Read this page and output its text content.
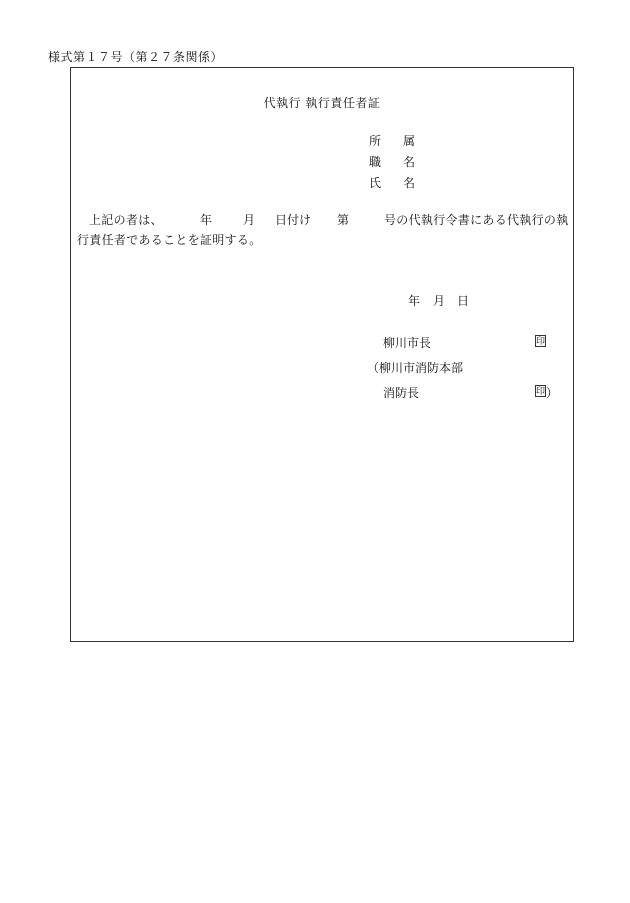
様式第１７号（第２７条関係）
代執行 執行責任者証
所属
職名
氏名
上記の者は、	年	月 日付け 第	号の代執行令書にある代執行の執
行責任者であることを証明する。
年 月 日
柳川市長	印
（柳川市消防本部
消防長	印 ）
